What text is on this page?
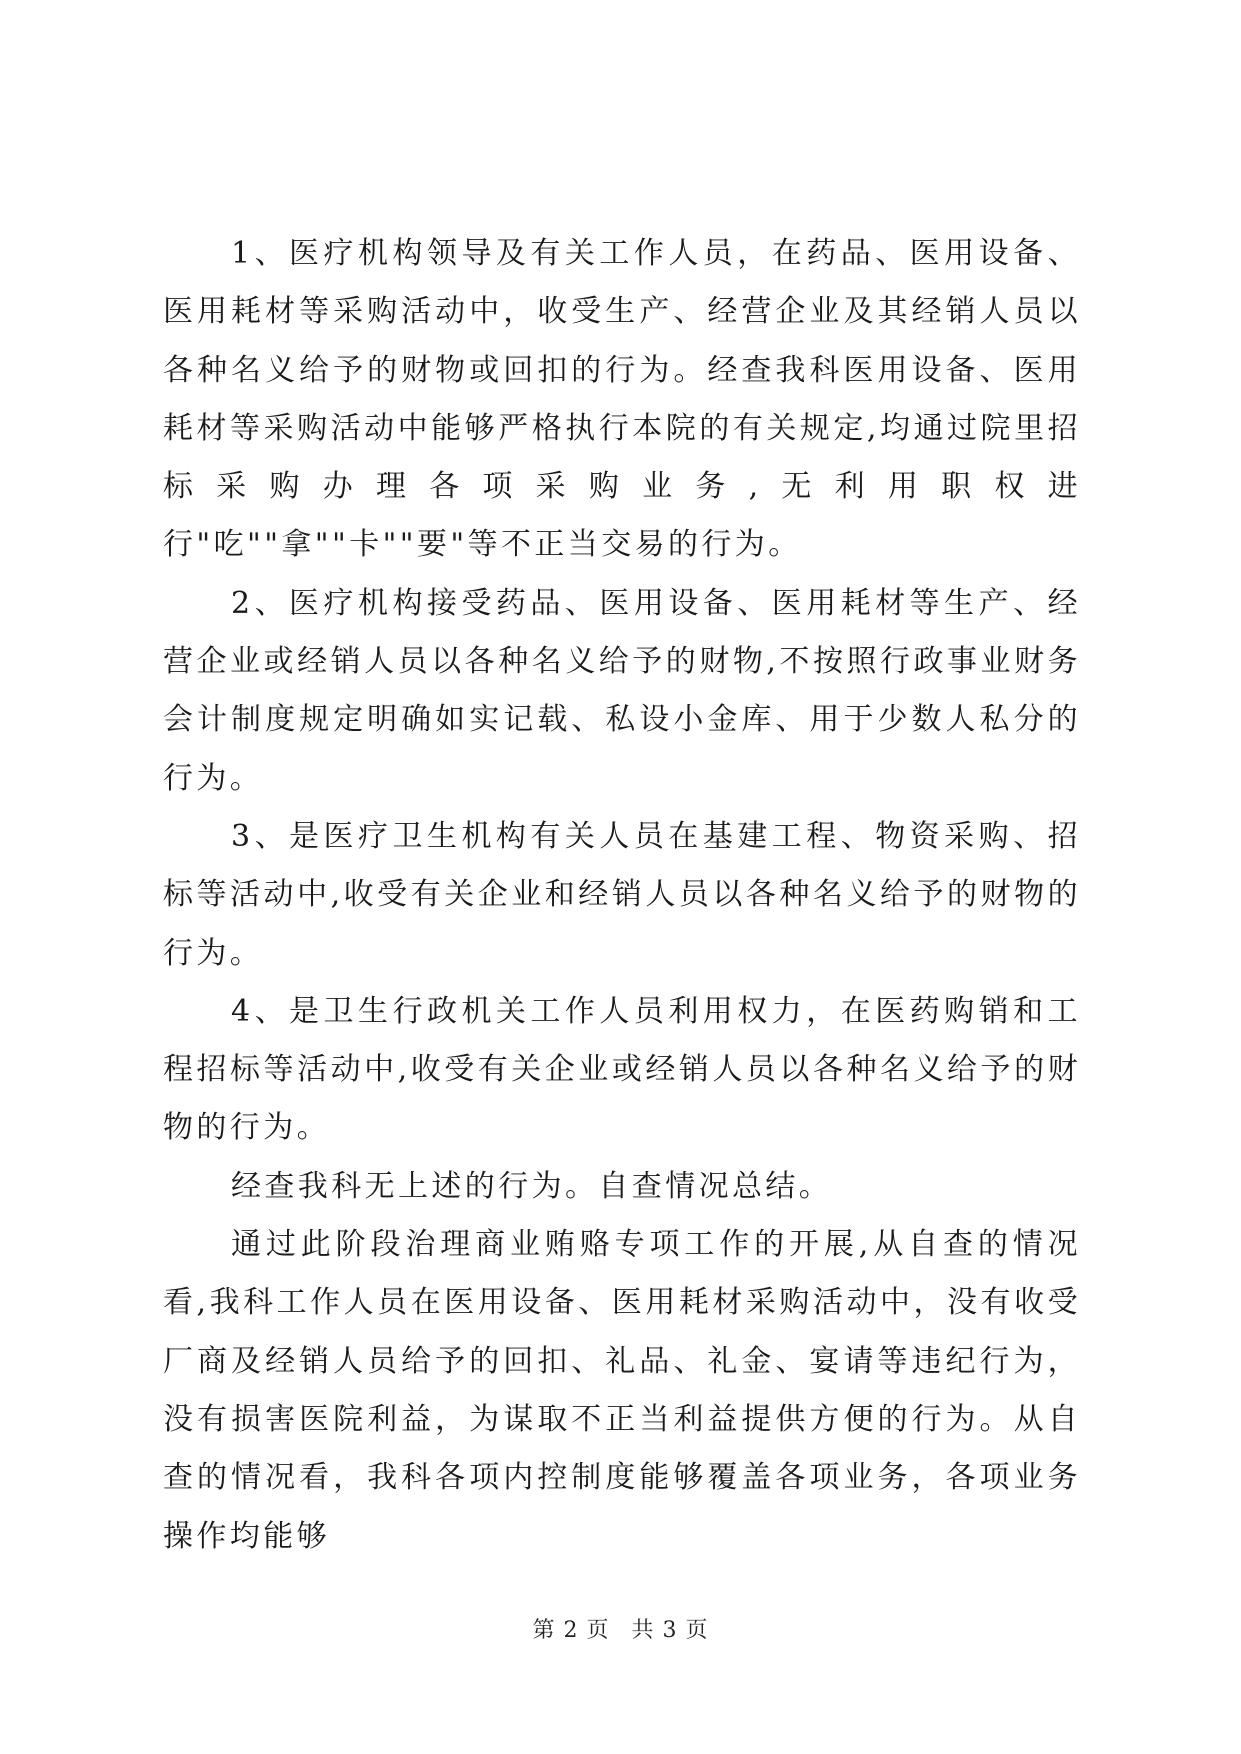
1、医疗机构领导及有关工作人员，在药品、医用设备、医用耗材等采购活动中，收受生产、经营企业及其经销人员以各种名义给予的财物或回扣的行为。经查我科医用设备、医用耗材等采购活动中能够严格执行本院的有关规定,均通过院里招标采购办理各项采购业务,无利用职权进行"吃""拿""卡""要"等不正当交易的行为。

2、医疗机构接受药品、医用设备、医用耗材等生产、经营企业或经销人员以各种名义给予的财物,不按照行政事业财务会计制度规定明确如实记载、私设小金库、用于少数人私分的行为。

3、是医疗卫生机构有关人员在基建工程、物资采购、招标等活动中,收受有关企业和经销人员以各种名义给予的财物的行为。

4、是卫生行政机关工作人员利用权力，在医药购销和工程招标等活动中,收受有关企业或经销人员以各种名义给予的财物的行为。

经查我科无上述的行为。自查情况总结。

通过此阶段治理商业贿赂专项工作的开展,从自查的情况看,我科工作人员在医用设备、医用耗材采购活动中，没有收受厂商及经销人员给予的回扣、礼品、礼金、宴请等违纪行为，没有损害医院利益，为谋取不正当利益提供方便的行为。从自查的情况看，我科各项内控制度能够覆盖各项业务，各项业务操作均能够

第 2 页 共 3 页
